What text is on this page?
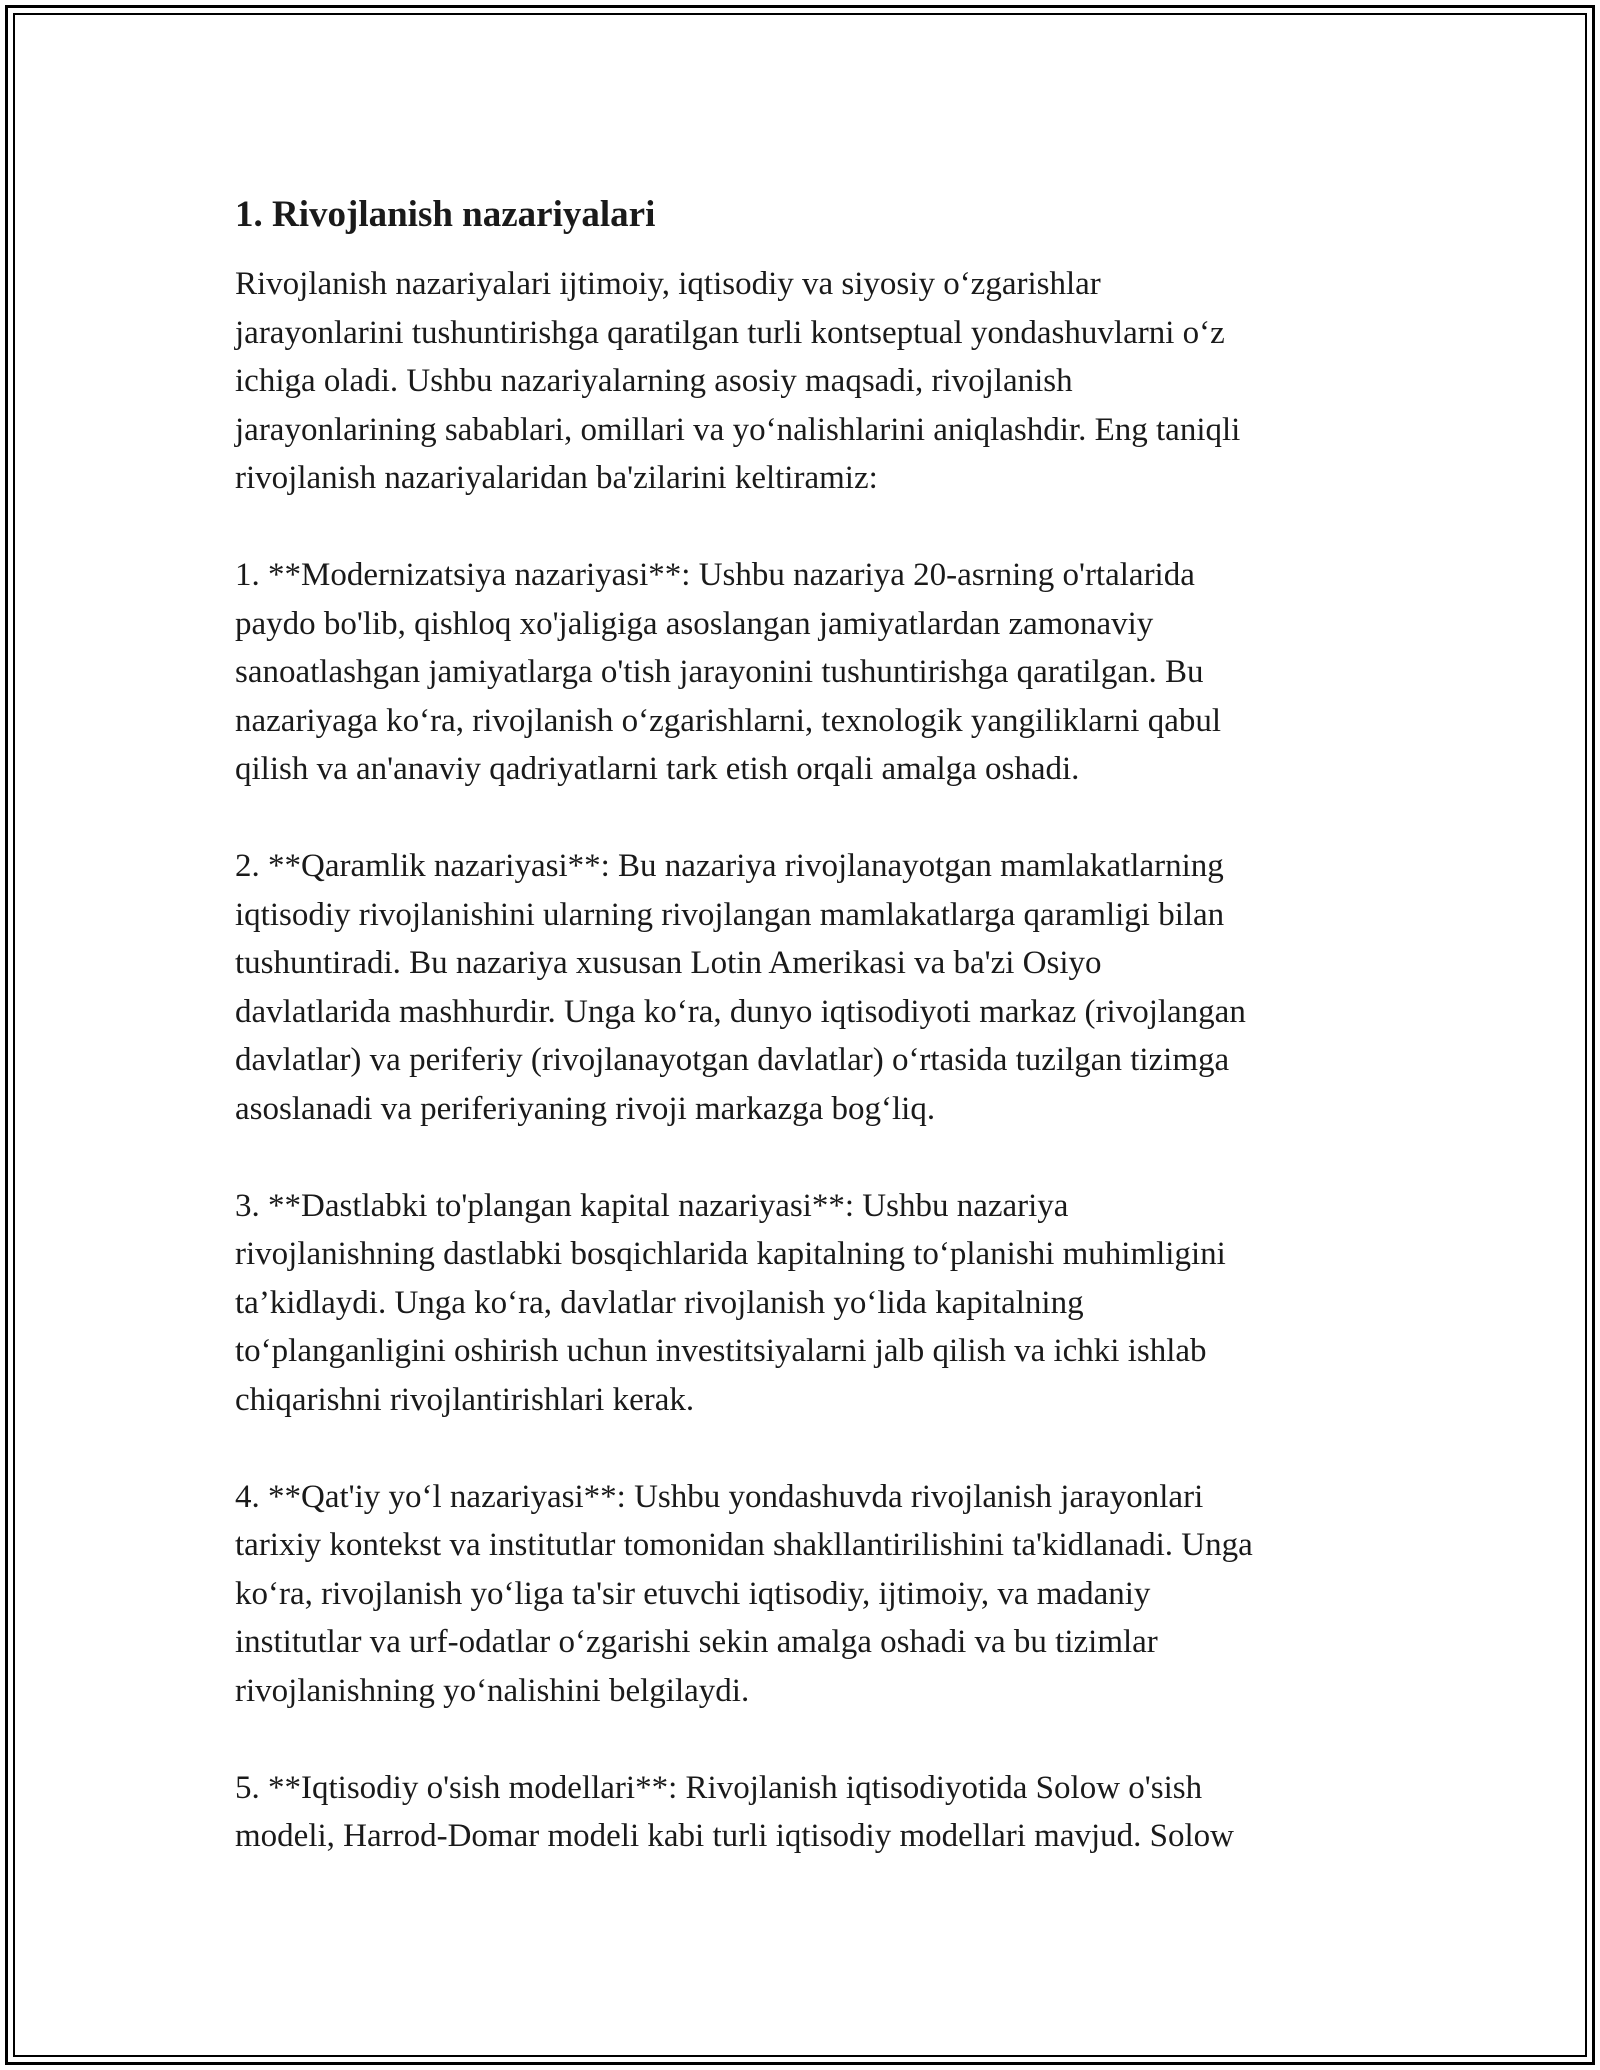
1. Rivojlanish nazariyalari
Rivojlanish nazariyalari ijtimoiy, iqtisodiy va siyosiy o‘zgarishlar
jarayonlarini tushuntirishga qaratilgan turli kontseptual yondashuvlarni o‘z
ichiga oladi. Ushbu nazariyalarning asosiy maqsadi, rivojlanish
jarayonlarining sabablari, omillari va yo‘nalishlarini aniqlashdir. Eng taniqli
rivojlanish nazariyalaridan ba'zilarini keltiramiz:
1. **Modernizatsiya nazariyasi**: Ushbu nazariya 20-asrning o'rtalarida
paydo bo'lib, qishloq xo'jaligiga asoslangan jamiyatlardan zamonaviy
sanoatlashgan jamiyatlarga o'tish jarayonini tushuntirishga qaratilgan. Bu
nazariyaga ko‘ra, rivojlanish o‘zgarishlarni, texnologik yangiliklarni qabul
qilish va an'anaviy qadriyatlarni tark etish orqali amalga oshadi.
2. **Qaramlik nazariyasi**: Bu nazariya rivojlanayotgan mamlakatlarning
iqtisodiy rivojlanishini ularning rivojlangan mamlakatlarga qaramligi bilan
tushuntiradi. Bu nazariya xususan Lotin Amerikasi va ba'zi Osiyo
davlatlarida mashhurdir. Unga ko‘ra, dunyo iqtisodiyoti markaz (rivojlangan
davlatlar) va periferiy (rivojlanayotgan davlatlar) o‘rtasida tuzilgan tizimga
asoslanadi va periferiyaning rivoji markazga bog‘liq.
3. **Dastlabki to'plangan kapital nazariyasi**: Ushbu nazariya
rivojlanishning dastlabki bosqichlarida kapitalning to‘planishi muhimligini
ta’kidlaydi. Unga ko‘ra, davlatlar rivojlanish yo‘lida kapitalning
to‘planganligini oshirish uchun investitsiyalarni jalb qilish va ichki ishlab
chiqarishni rivojlantirishlari kerak.
4. **Qat'iy yo‘l nazariyasi**: Ushbu yondashuvda rivojlanish jarayonlari
tarixiy kontekst va institutlar tomonidan shakllantirilishini ta'kidlanadi. Unga
ko‘ra, rivojlanish yo‘liga ta'sir etuvchi iqtisodiy, ijtimoiy, va madaniy
institutlar va urf-odatlar o‘zgarishi sekin amalga oshadi va bu tizimlar
rivojlanishning yo‘nalishini belgilaydi.
5. **Iqtisodiy o'sish modellari**: Rivojlanish iqtisodiyotida Solow o'sish
modeli, Harrod-Domar modeli kabi turli iqtisodiy modellari mavjud. Solow
